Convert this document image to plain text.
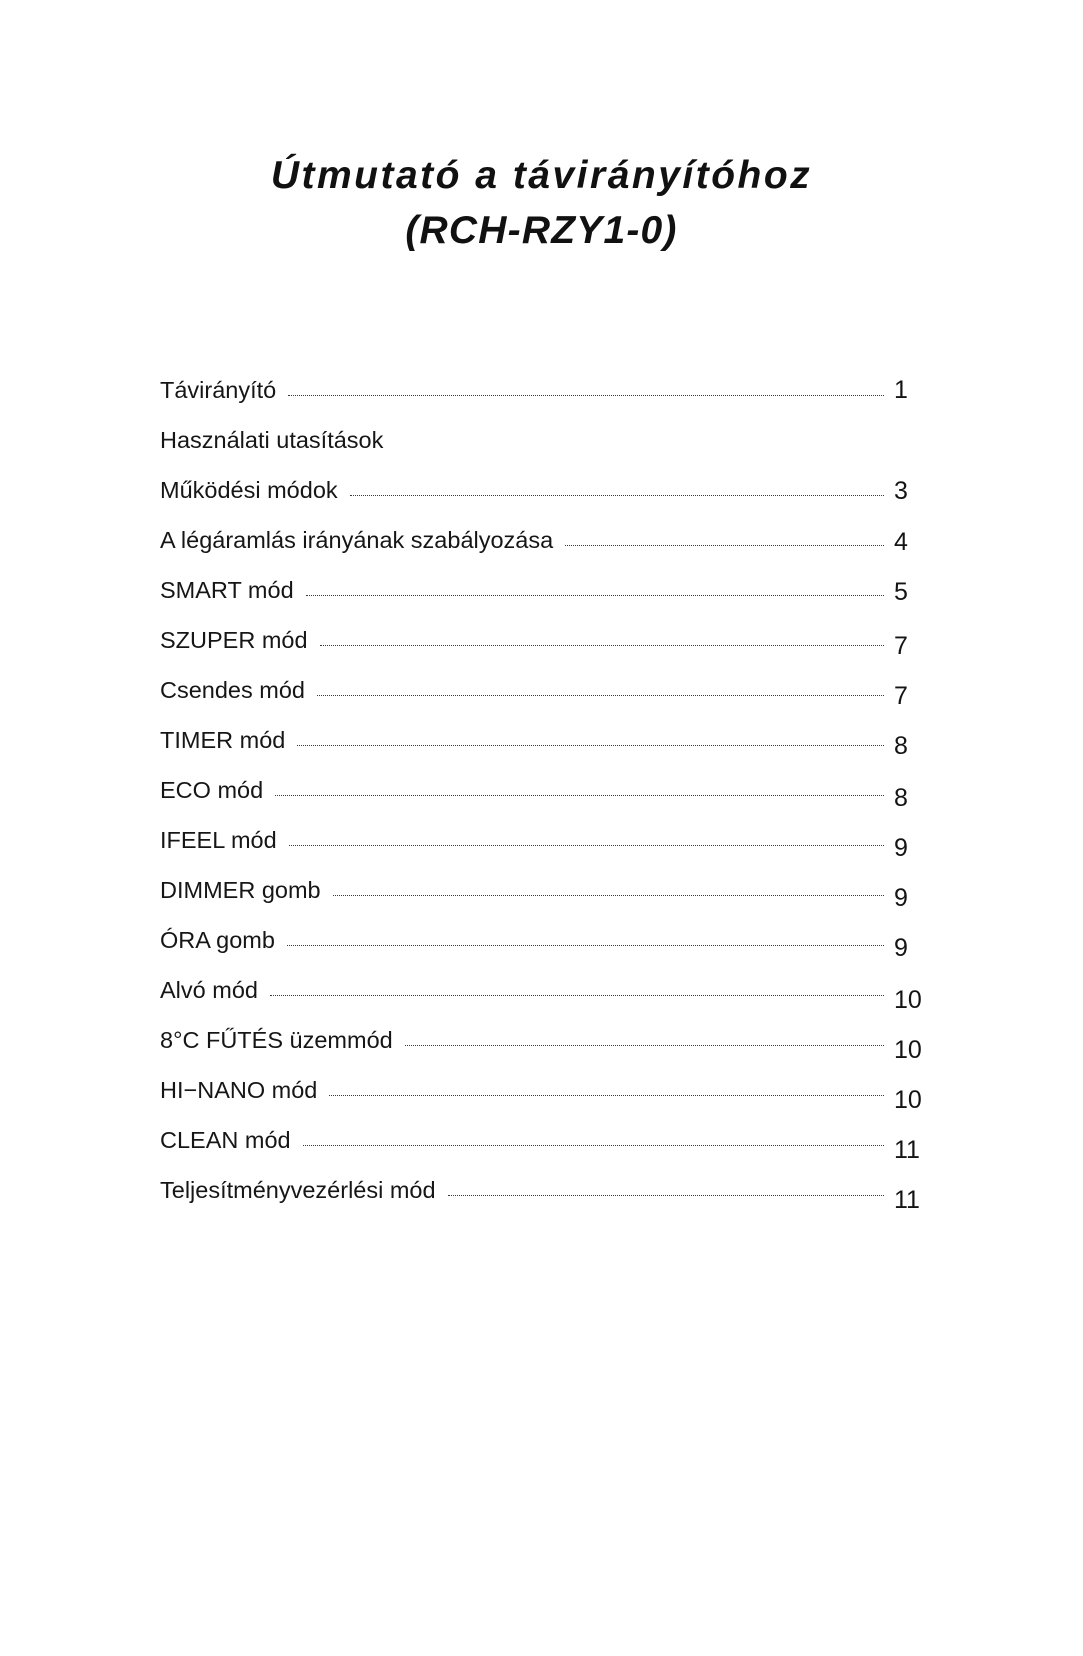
Útmutató a távirányítóhoz
(RCH-RZY1-0)
Távirányító	1
Használati utasítások
Működési módok	3
A légáramlás irányának szabályozása	4
SMART mód	5
SZUPER mód	7
Csendes mód	7
TIMER mód	8
ECO mód	8
IFEEL mód	9
DIMMER gomb	9
ÓRA gomb	9
Alvó mód	10
8°C FŰTÉS üzemmód	10
HI−NANO mód	10
CLEAN mód	11
Teljesítményvezérlési mód	11
